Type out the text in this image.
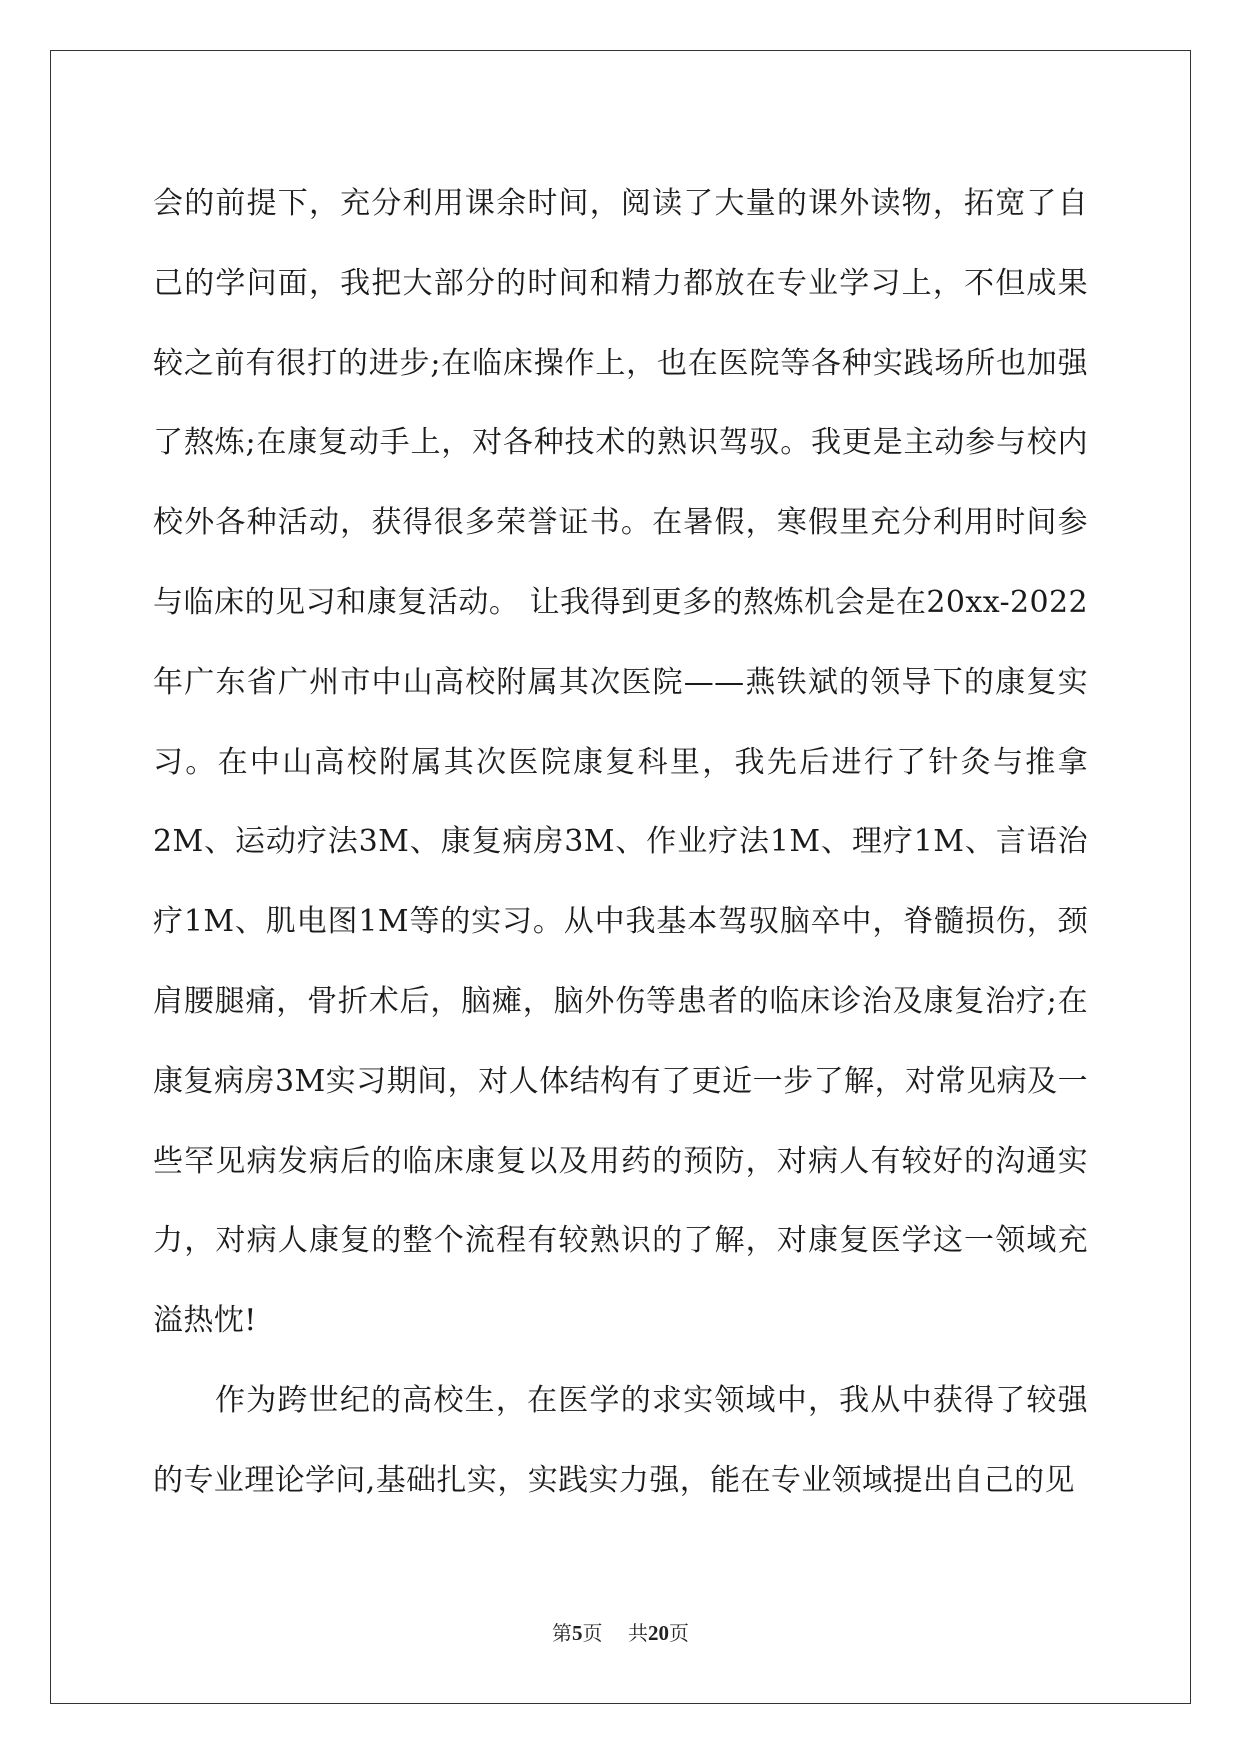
会的前提下，充分利用课余时间，阅读了大量的课外读物，拓宽了自己的学问面，我把大部分的时间和精力都放在专业学习上，不但成果较之前有很打的进步;在临床操作上，也在医院等各种实践场所也加强了熬炼;在康复动手上，对各种技术的熟识驾驭。我更是主动参与校内校外各种活动，获得很多荣誉证书。在暑假，寒假里充分利用时间参与临床的见习和康复活动。 让我得到更多的熬炼机会是在20xx-2022年广东省广州市中山高校附属其次医院——燕铁斌的领导下的康复实习。在中山高校附属其次医院康复科里，我先后进行了针灸与推拿2M、运动疗法3M、康复病房3M、作业疗法1M、理疗1M、言语治疗1M、肌电图1M等的实习。从中我基本驾驭脑卒中，脊髓损伤，颈肩腰腿痛，骨折术后，脑瘫，脑外伤等患者的临床诊治及康复治疗;在康复病房3M实习期间，对人体结构有了更近一步了解，对常见病及一些罕见病发病后的临床康复以及用药的预防，对病人有较好的沟通实力，对病人康复的整个流程有较熟识的了解，对康复医学这一领域充溢热忱!

作为跨世纪的高校生，在医学的求实领域中，我从中获得了较强的专业理论学问,基础扎实，实践实力强，能在专业领域提出自己的见

第5页    共20页
